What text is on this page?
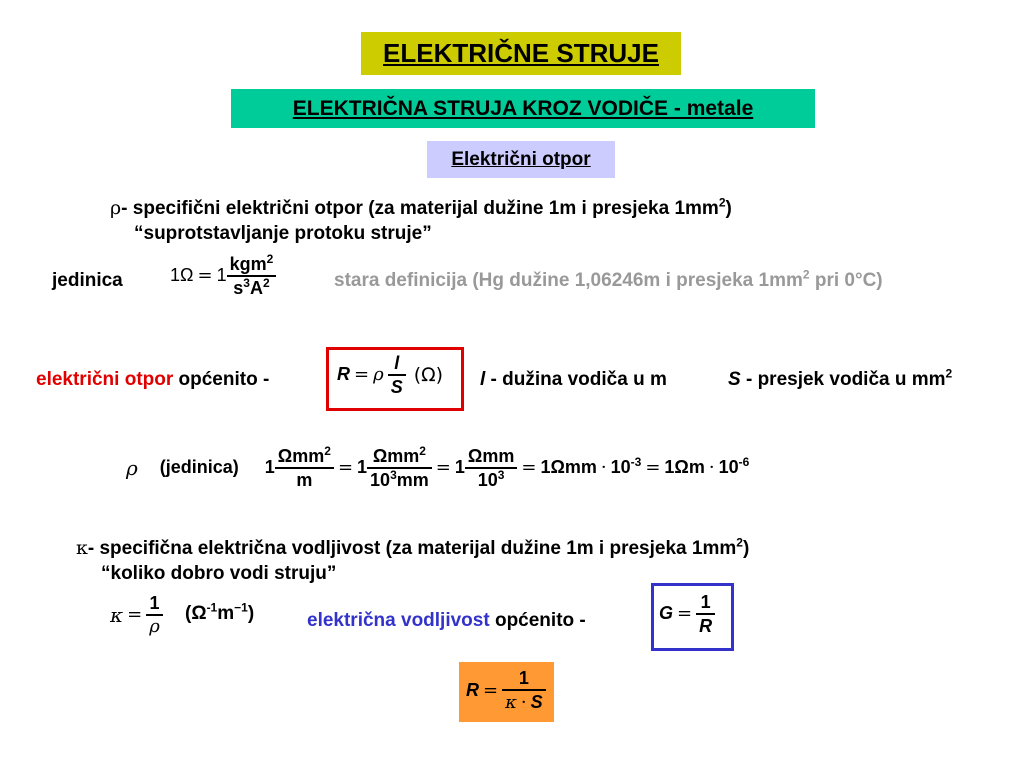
ELEKTRIČNE STRUJE
ELEKTRIČNA STRUJA KROZ VODIČE - metale
Električni otpor
ρ- specifični električni otpor (za materijal dužine 1m i presjeka $1mm^2$)
“suprotstavljanje protoku struje”
jedinica	$1\Omega = 1 \frac{kgm^2}{s^3A^2}$	stara definicija (Hg dužine 1,06246m i presjeka $1mm^2$ pri 0°C)
električni otpor općenito -	R = ρ $\frac{l}{S} (\Omega)$ l - dužina vodiča u m	S - presjek vodiča u $mm^2$
ρ (jedinica) $1 \frac{\Omega mm^2}{m} = 1 \frac{\Omega mm^2}{10^3mm} = 1 \frac{\text{Ωmm}}{10^3} = 1\Omega mm \cdot 10^{-3} = 1\Omega m \cdot 10^{-6}$
κ- specifična električna vodljivost (za materijal dužine 1m i presjeka $1mm^2$)
“koliko dobro vodi struju”
$\kappa = \frac{1}{\rho} (\Omega^{-1}m^{-1})$	električna vodljivost općenito -	$G = \frac{1}{R}$
$R = \frac{1}{\kappa \cdot S}$
